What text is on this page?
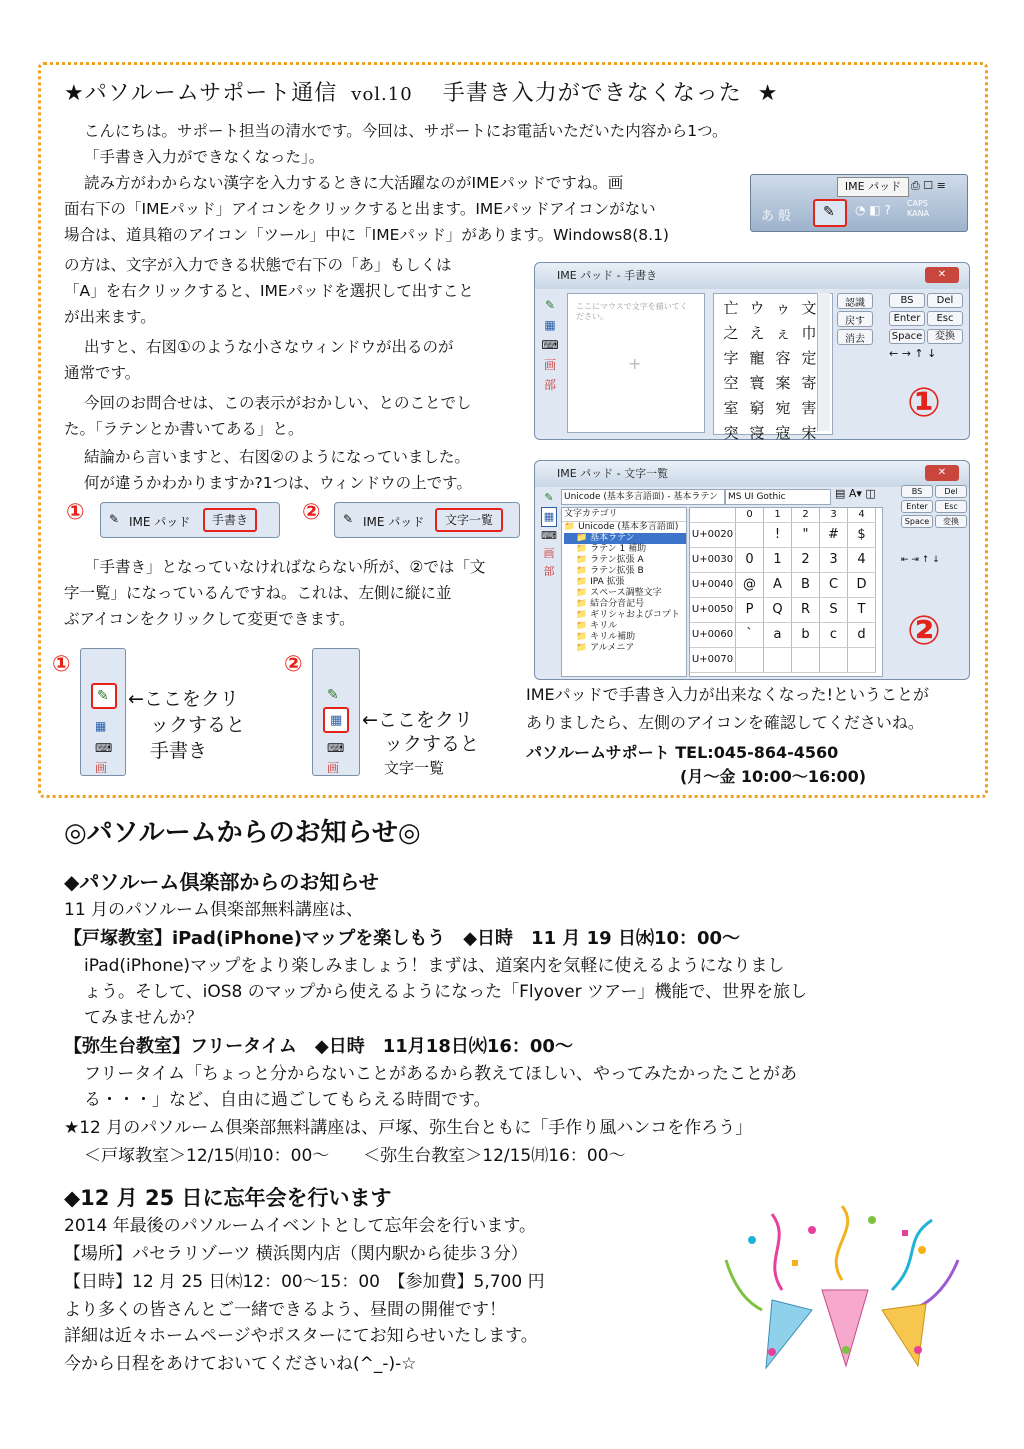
★パソルームサポート通信 vol.10 手書き入力ができなくなった ★
こんにちは。サポート担当の清水です。今回は、サポートにお電話いただいた内容から1つ。
「手書き入力ができなくなった」。
読み方がわからない漢字を入力するときに大活躍なのがIMEパッドですね。画
面右下の「IMEパッド」アイコンをクリックすると出ます。IMEパッドアイコンがない
場合は、道具箱のアイコン「ツール」中に「IMEパッド」があります。Windows8(8.1)
の方は、文字が入力できる状態で右下の「あ」もしくは
「A」を右クリックすると、IMEパッドを選択して出すこと
が出来ます。
出すと、右図①のような小さなウィンドウが出るのが
通常です。
今回のお問合せは、この表示がおかしい、とのことでし
た。「ラテンとか書いてある」と。
結論から言いますと、右図②のようになっていました。
何が違うかわかりますか?1つは、ウィンドウの上です。
① ✎ IME パッド	手書き	② ✎ IME パッド	文字一覧
「手書き」となっていなければならない所が、②では「文
字一覧」になっているんですね。これは、左側に縦に並
ぶアイコンをクリックして変更できます。
①
✎
▦
⌨
画
←ここをクリ
ックすると
手書き
②
✎
▦
⌨
画
←ここをクリ
ックすると
文字一覧
IME パッド ⎙ ☐ ≡
あ 般	✎	◔ ◧ ? CAPS
KANA
IME パッド - 手書き	✕
✎
▦
⌨
画
部
ここにマウスで文字を描いてください。
+
亡 ウ ゥ 文
之 え ぇ 巾
字 寵 容 定
空 寰 案 寄
室 窮 宛 害
突 寖 寇 宋
認識
戻す
消去
BS	Del
Enter	Esc
Space	変換
← → ↑ ↓
①
IME パッド - 文字一覧	✕
✎
▦
⌨
画
部
Unicode (基本多言語面) - 基本ラテン	MS UI Gothic	▤ A▾ ◫
文字カテゴリ
📁 Unicode (基本多言語面)
📁 基本ラテン
📁 ラテン 1 補助
📁 ラテン拡張 A
📁 ラテン拡張 B
📁 IPA 拡張
📁 スペース調整文字
📁 結合分音記号
📁 ギリシャおよびコプト
📁 キリル
📁 キリル補助
📁 アルメニア
0	1	2	3	4
U+0020	!	"	#	$
U+0030 0	1	2	3	4
U+0040 @	A	B	C	D
U+0050 P	Q	R	S	T
U+0060	`	a	b	c	d
U+0070
BS	Del
Enter	Esc
Space	変換
⇤ ⇥ ↑ ↓
②
IMEパッドで手書き入力が出来なくなった!ということが
ありましたら、左側のアイコンを確認してくださいね。
パソルームサポート TEL:045-864-4560
(月～金 10:00～16:00)
◎パソルームからのお知らせ◎
◆パソルーム倶楽部からのお知らせ
11 月のパソルーム倶楽部無料講座は、
【戸塚教室】iPad(iPhone)マップを楽しもう　◆日時　11 月 19 日㈬10：00～
iPad(iPhone)マップをより楽しみましょう！まずは、道案内を気軽に使えるようになりまし
ょう。そして、iOS8 のマップから使えるようになった「Flyover ツアー」機能で、世界を旅し
てみませんか？
【弥生台教室】フリータイム　◆日時　11月18日㈫16：00～
フリータイム「ちょっと分からないことがあるから教えてほしい、やってみたかったことがあ
る・・・」など、自由に過ごしてもらえる時間です。
★12 月のパソルーム倶楽部無料講座は、戸塚、弥生台ともに「手作り風ハンコを作ろう」
＜戸塚教室＞12/15㈪10：00～　　＜弥生台教室＞12/15㈪16：00～
◆12 月 25 日に忘年会を行います
2014 年最後のパソルームイベントとして忘年会を行います。
【場所】パセラリゾーツ 横浜関内店（関内駅から徒歩３分）
【日時】12 月 25 日㈭12：00～15：00　【参加費】5,700 円
より多くの皆さんとご一緒できるよう、昼間の開催です！
詳細は近々ホームページやポスターにてお知らせいたします。
今から日程をあけておいてくださいね(^_-)-☆
